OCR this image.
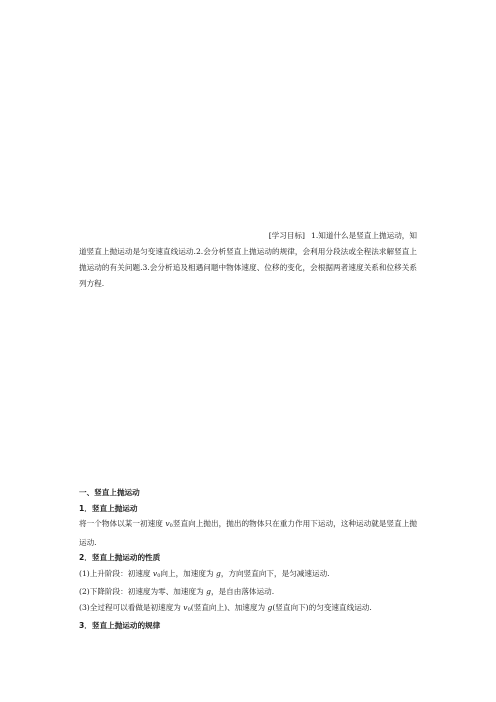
[学习目标] 1.知道什么是竖直上抛运动，知
道竖直上抛运动是匀变速直线运动.2.会分析竖直上抛运动的规律，会利用分段法或全程法求解竖直上抛运动的有关问题.3.会分析追及相遇问题中物体速度、位移的变化，会根据两者速度关系和位移关系列方程.

一、竖直上抛运动

1．竖直上抛运动

将一个物体以某一初速度 $v_0$竖直向上抛出，抛出的物体只在重力作用下运动，这种运动就是竖直上抛运动.

2．竖直上抛运动的性质

(1)上升阶段：初速度 $v_0$向上，加速度为 g，方向竖直向下，是匀减速运动.

(2)下降阶段：初速度为零、加速度为 g，是自由落体运动.

(3)全过程可以看做是初速度为 $v_0$(竖直向上)、加速度为 g(竖直向下)的匀变速直线运动.

3．竖直上抛运动的规律
